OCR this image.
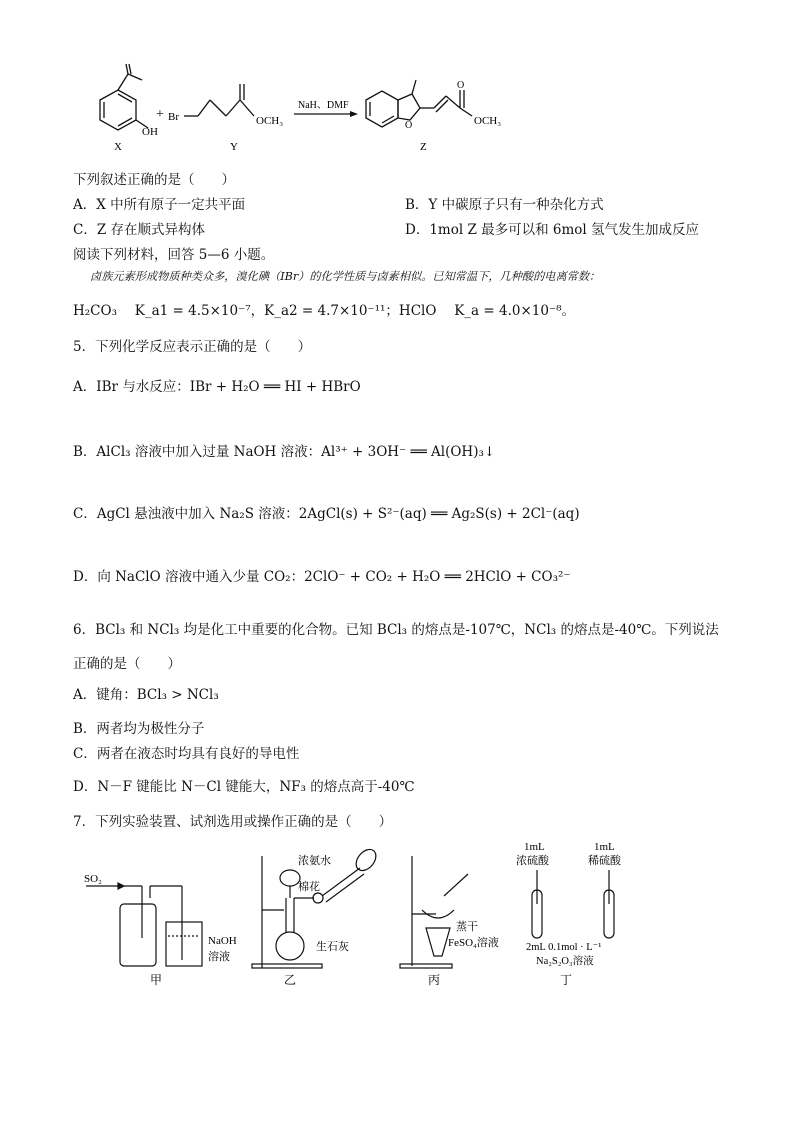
OH
X
+ Br	OCH₃
Y
NaH、DMF
O
O
OCH₃
Z
下列叙述正确的是（　　）
A．X 中所有原子一定共平面	B．Y 中碳原子只有一种杂化方式
C．Z 存在顺式异构体	D．1mol Z 最多可以和 6mol 氢气发生加成反应
阅读下列材料，回答 5—6 小题。
卤族元素形成物质种类众多，溴化碘（IBr）的化学性质与卤素相似。已知常温下，几种酸的电离常数：
H₂CO₃　 K_a1 = 4.5×10⁻⁷，K_a2 = 4.7×10⁻¹¹；HClO　 K_a = 4.0×10⁻⁸。
5．下列化学反应表示正确的是（　　）
A．IBr 与水反应：IBr + H₂O ══ HI + HBrO
B．AlCl₃ 溶液中加入过量 NaOH 溶液：Al³⁺ + 3OH⁻ ══ Al(OH)₃↓
C．AgCl 悬浊液中加入 Na₂S 溶液：2AgCl(s) + S²⁻(aq) ══ Ag₂S(s) + 2Cl⁻(aq)
D．向 NaClO 溶液中通入少量 CO₂：2ClO⁻ + CO₂ + H₂O ══ 2HClO + CO₃²⁻
6．BCl₃ 和 NCl₃ 均是化工中重要的化合物。已知 BCl₃ 的熔点是-107℃，NCl₃ 的熔点是-40℃。下列说法
正确的是（　　）
A．键角：BCl₃ > NCl₃
B．两者均为极性分子
C．两者在液态时均具有良好的导电性
D．N－F 键能比 N－Cl 键能大，NF₃ 的熔点高于-40℃
7．下列实验装置、试剂选用或操作正确的是（　　）
SO₂
NaOH
溶液
甲
浓氨水
棉花
生石灰
乙
蒸干
FeSO₄溶液
丙
1mL
浓硫酸
1mL
稀硫酸
2mL 0.1mol · L⁻¹
Na₂S₂O₃溶液
丁
